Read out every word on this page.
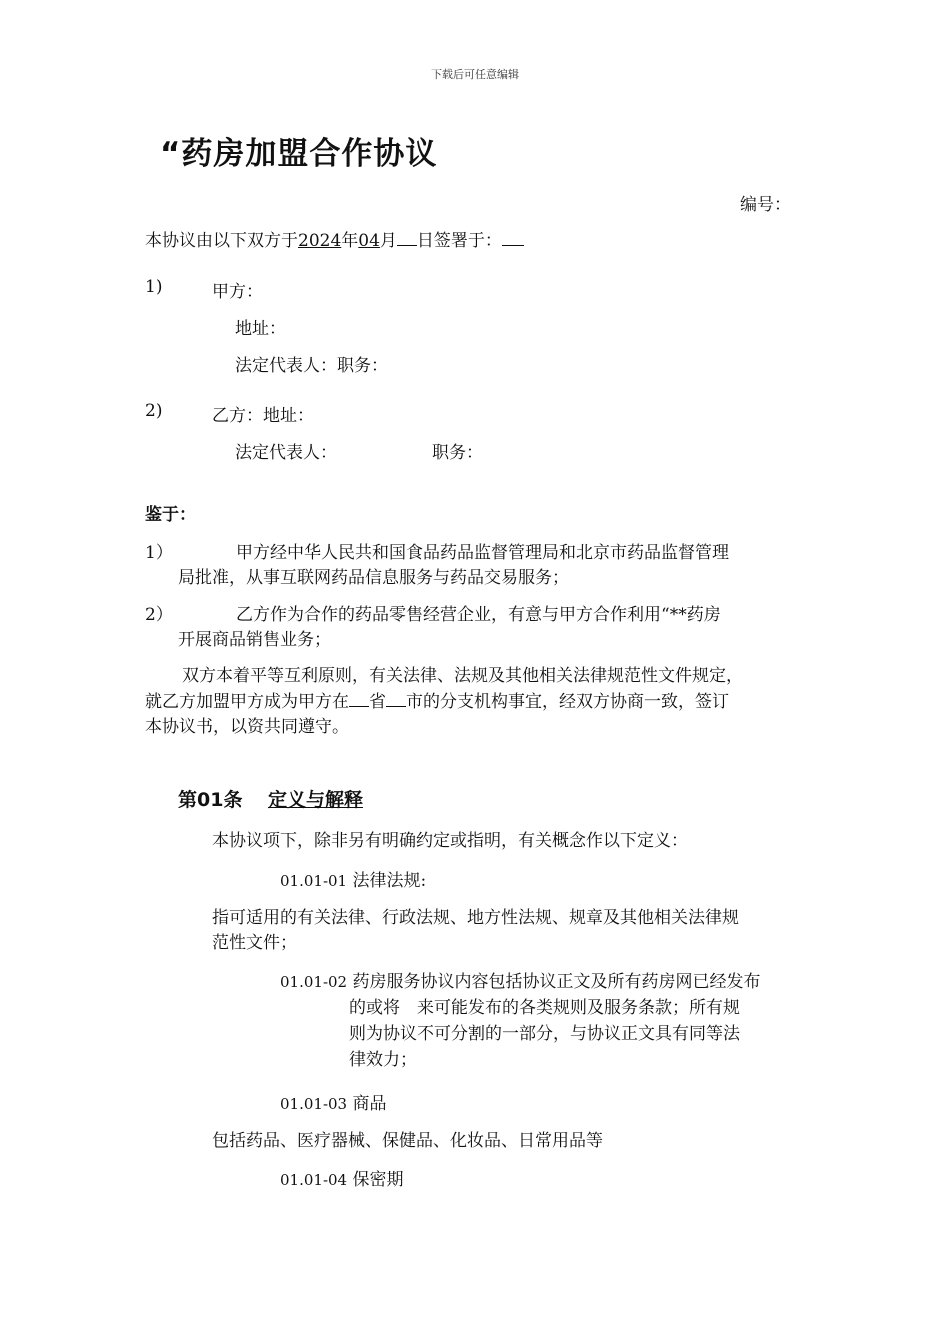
下载后可任意编辑
“药房加盟合作协议
编号：
本协议由以下双方于2024年04月 日签署于：
1)	甲方：
地址：
法定代表人：职务：
2)	乙方：地址：
法定代表人：	职务：
鉴于：
1）	甲方经中华人民共和国食品药品监督管理局和北京市药品监督管理
局批准，从事互联网药品信息服务与药品交易服务；
2）	乙方作为合作的药品零售经营企业，有意与甲方合作利用“**药房
开展商品销售业务；
双方本着平等互利原则，有关法律、法规及其他相关法律规范性文件规定，
就乙方加盟甲方成为甲方在 省 市的分支机构事宜，经双方协商一致，签订
本协议书，以资共同遵守。
第01条 定义与解释
本协议项下，除非另有明确约定或指明，有关概念作以下定义：
01.01-01 法律法规:
指可适用的有关法律、行政法规、地方性法规、规章及其他相关法律规
范性文件；
01.01-02 药房服务协议内容包括协议正文及所有药房网已经发布
的或将　来可能发布的各类规则及服务条款；所有规
则为协议不可分割的一部分，与协议正文具有同等法
律效力；
01.01-03 商品
包括药品、医疗器械、保健品、化妆品、日常用品等
01.01-04 保密期
